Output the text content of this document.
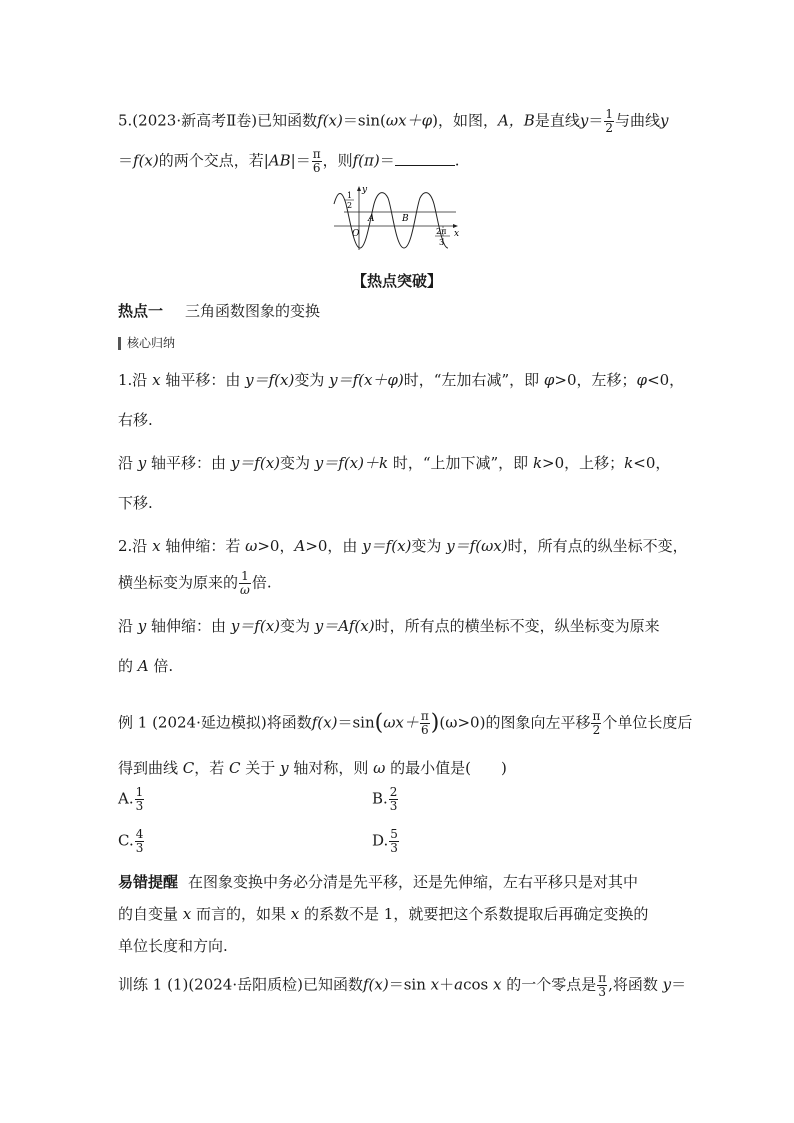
5.(2023·新高考Ⅱ卷)已知函数f(x)＝sin(ωx＋φ)，如图，A，B是直线$y= \frac{1}{2}$ 与曲线y
＝f(x)的两个交点，若$|AB|= \frac{\pi}{6}$ ，则f(π)＝	.
y
x
O
A	B
1
2
2π
3
【热点突破】
热点一 三角函数图象的变换
核心归纳
1.沿 x 轴平移：由 y＝f(x)变为 y＝f(x＋φ)时，“左加右减”，即 φ>0，左移；φ<0，
右移.
沿 y 轴平移：由 y＝f(x)变为 y＝f(x)＋k 时，“上加下减”，即 k>0，上移；k<0，
下移.
2.沿 x 轴伸缩：若 ω>0，A>0，由 y＝f(x)变为 y＝f(ωx)时，所有点的纵坐标不变，
横坐标变为原来的 $\frac{1}{\omega}$ 倍.
沿 y 轴伸缩：由 y＝f(x)变为 y＝Af(x)时，所有点的横坐标不变，纵坐标变为原来
的 A 倍.
例 1 (2024·延边模拟)将函数$f(x)=\sin(\omega x+ \frac{\pi}{6} )(\omega>0)$的图象向左平移 $\frac{\pi}{2}$ 个单位长度后
得到曲线 C，若 C 关于 y 轴对称，则 ω 的最小值是(　　)
A. $\frac{1}{3}$	B. $\frac{2}{3}$
C. $\frac{4}{3}$	D. $\frac{5}{3}$
易错提醒 在图象变换中务必分清是先平移，还是先伸缩，左右平移只是对其中
的自变量 x 而言的，如果 x 的系数不是 1，就要把这个系数提取后再确定变换的
单位长度和方向.
训练 1 (1)(2024·岳阳质检)已知函数f(x)＝sin x＋acos x 的一个零点是 $\frac{\pi}{3}$ ,将函数 y＝
